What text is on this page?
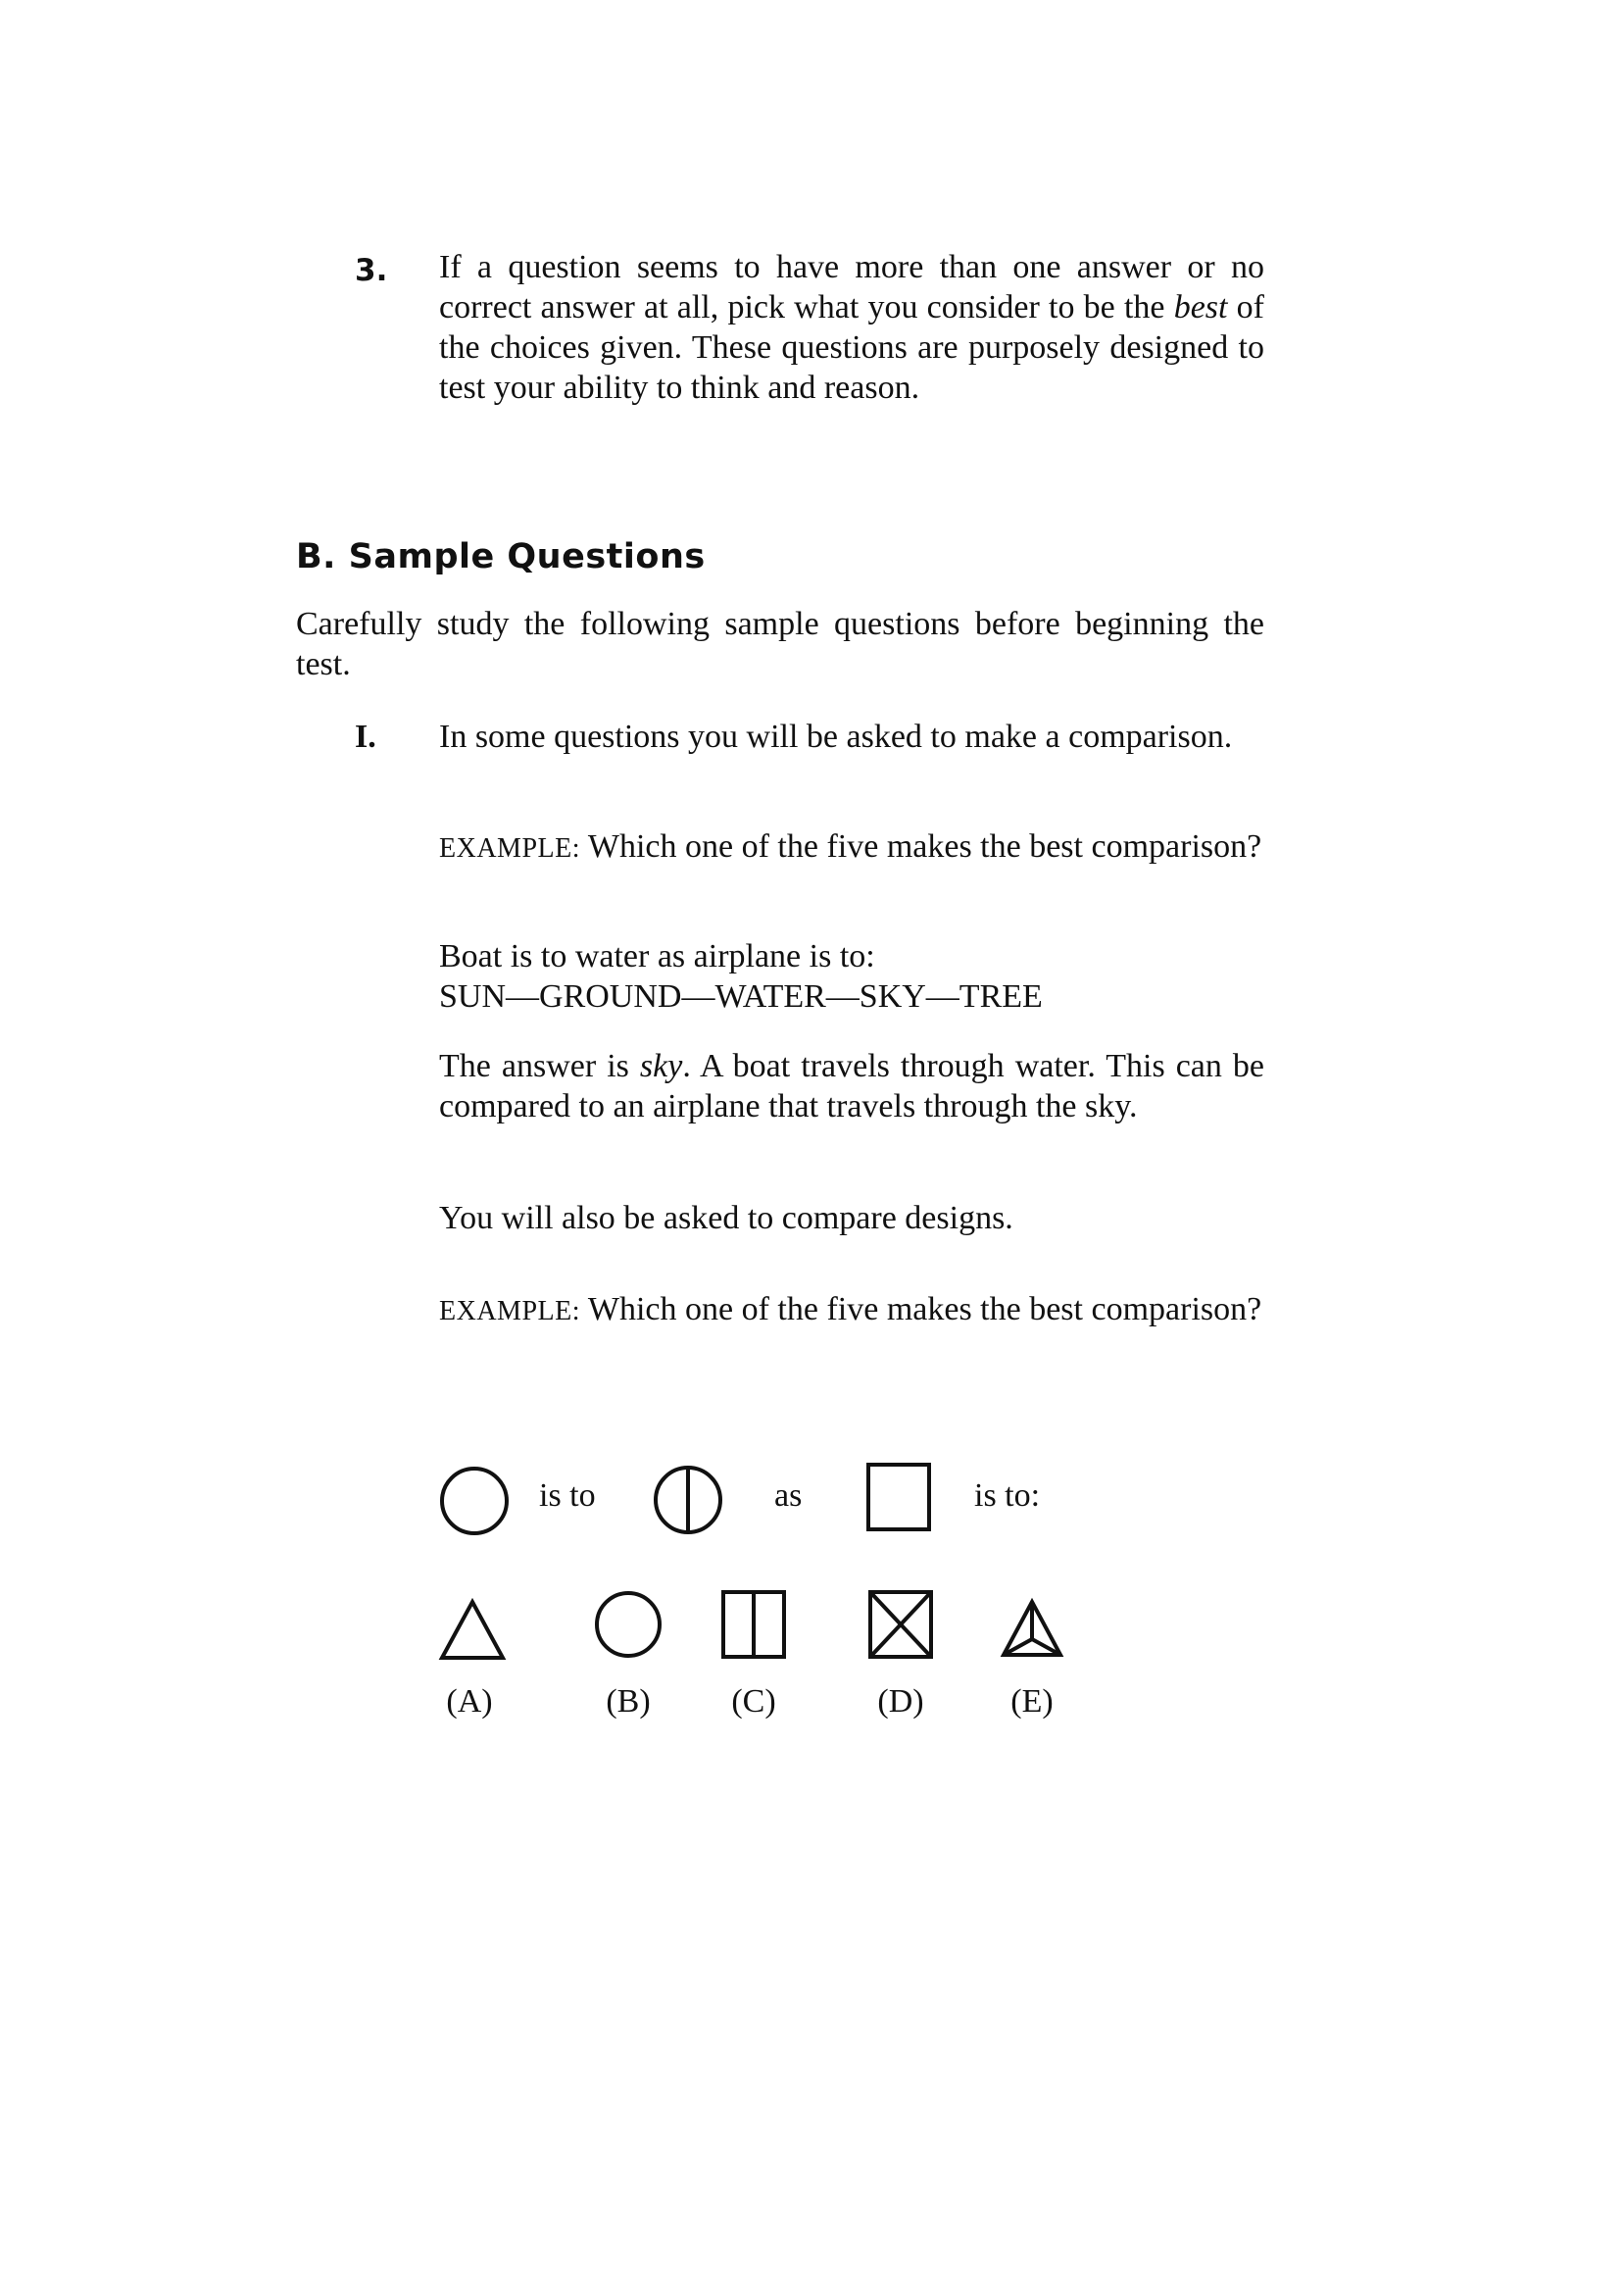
3. If a question seems to have more than one answer or no correct answer at all, pick what you consider to be the best of the choices given. These questions are purposely designed to test your ability to think and reason.
B. Sample Questions
Carefully study the following sample questions before beginning the test.
I. In some questions you will be asked to make a comparison.
EXAMPLE: Which one of the five makes the best comparison?
Boat is to water as airplane is to:
SUN—GROUND—WATER—SKY—TREE
The answer is sky. A boat travels through water. This can be compared to an airplane that travels through the sky.
You will also be asked to compare designs.
EXAMPLE: Which one of the five makes the best comparison?
is to	as	is to:
(A)	(B)	(C)	(D)	(E)
